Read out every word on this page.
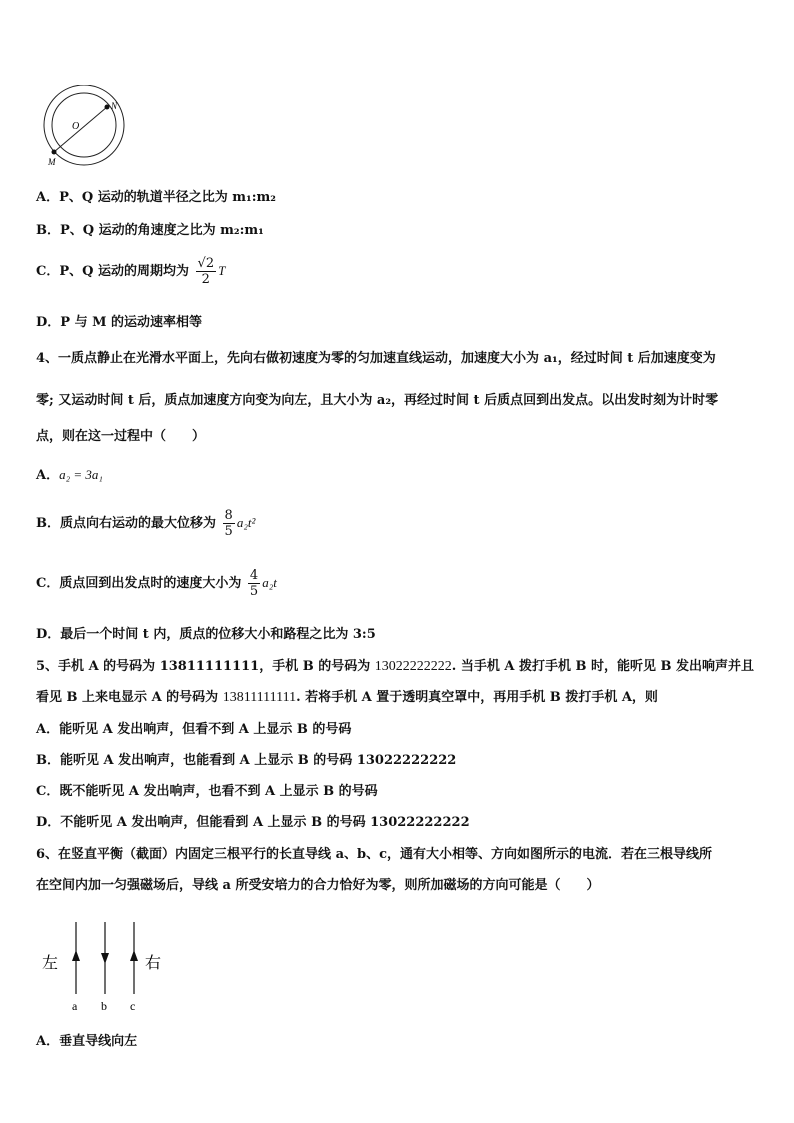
O
N
M
A．P、Q 运动的轨道半径之比为 m₁:m₂
B．P、Q 运动的角速度之比为 m₂:m₁
C．P、Q 运动的周期均为 $\frac{√2}{2}$ T
D．P 与 M 的运动速率相等
4、一质点静止在光滑水平面上，先向右做初速度为零的匀加速直线运动，加速度大小为 a₁，经过时间 t 后加速度变为
零; 又运动时间 t 后，质点加速度方向变为向左，且大小为 a₂，再经过时间 t 后质点回到出发点。以出发时刻为计时零
点，则在这一过程中（　　）
A．a₂ = 3a₁
B．质点向右运动的最大位移为 $\frac{8}{5} a_2t^2$
C．质点回到出发点时的速度大小为 $\frac{4}{5} a_2t$
D．最后一个时间 t 内，质点的位移大小和路程之比为 3:5
5、手机 A 的号码为 13811111111，手机 B 的号码为 13022222222. 当手机 A 拨打手机 B 时，能听见 B 发出响声并且
看见 B 上来电显示 A 的号码为 13811111111. 若将手机 A 置于透明真空罩中，再用手机 B 拨打手机 A，则
A．能听见 A 发出响声，但看不到 A 上显示 B 的号码
B．能听见 A 发出响声，也能看到 A 上显示 B 的号码 13022222222
C．既不能听见 A 发出响声，也看不到 A 上显示 B 的号码
D．不能听见 A 发出响声，但能看到 A 上显示 B 的号码 13022222222
6、在竖直平衡（截面）内固定三根平行的长直导线 a、b、c，通有大小相等、方向如图所示的电流．若在三根导线所
在空间内加一匀强磁场后，导线 a 所受安培力的合力恰好为零，则所加磁场的方向可能是（　　）
左	右
a b c
A．垂直导线向左
